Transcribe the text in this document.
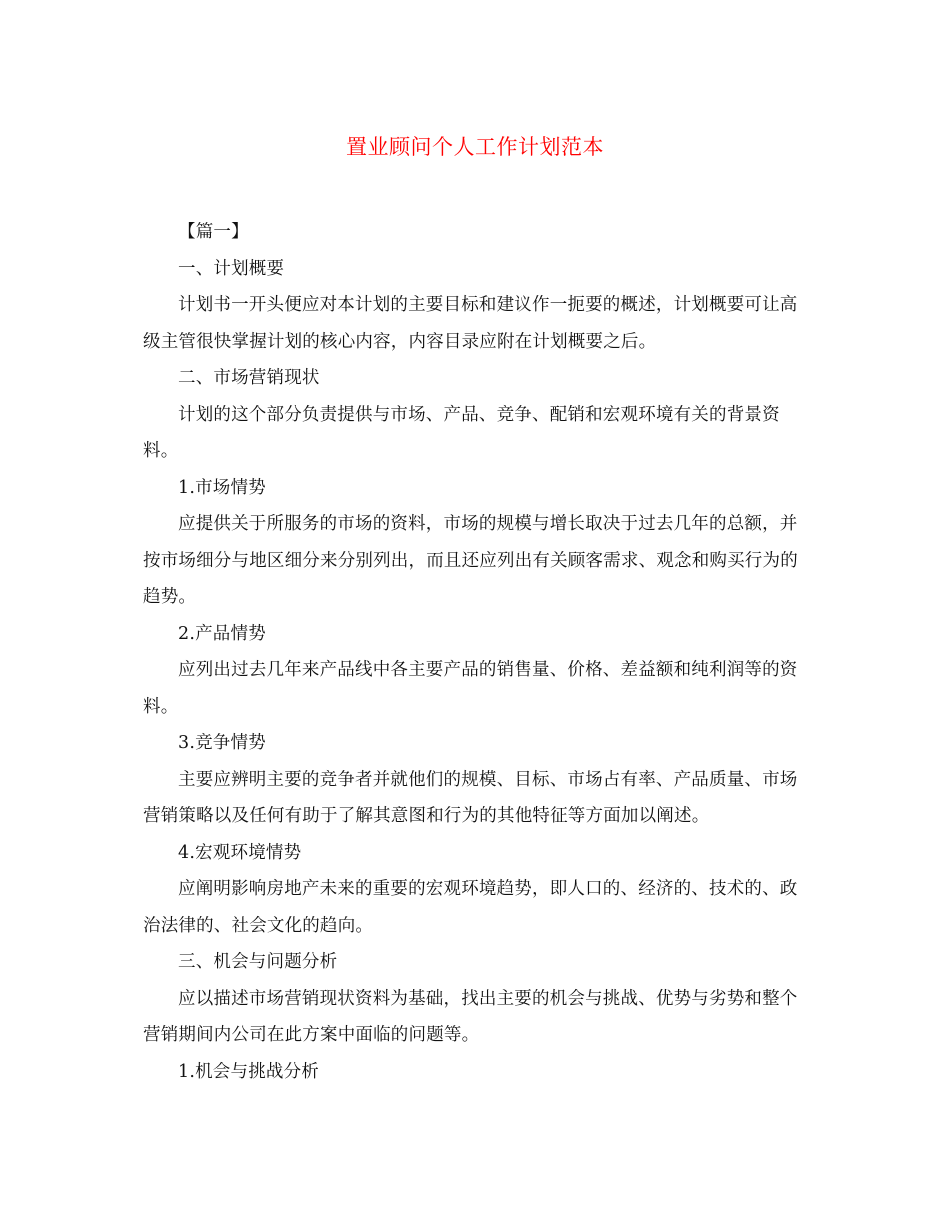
置业顾问个人工作计划范本

【篇一】

一、计划概要

计划书一开头便应对本计划的主要目标和建议作一扼要的概述，计划概要可让高级主管很快掌握计划的核心内容，内容目录应附在计划概要之后。

二、市场营销现状

计划的这个部分负责提供与市场、产品、竞争、配销和宏观环境有关的背景资料。

1.市场情势

应提供关于所服务的市场的资料，市场的规模与增长取决于过去几年的总额，并按市场细分与地区细分来分别列出，而且还应列出有关顾客需求、观念和购买行为的趋势。

2.产品情势

应列出过去几年来产品线中各主要产品的销售量、价格、差益额和纯利润等的资料。

3.竞争情势

主要应辨明主要的竞争者并就他们的规模、目标、市场占有率、产品质量、市场营销策略以及任何有助于了解其意图和行为的其他特征等方面加以阐述。

4.宏观环境情势

应阐明影响房地产未来的重要的宏观环境趋势，即人口的、经济的、技术的、政治法律的、社会文化的趋向。

三、机会与问题分析

应以描述市场营销现状资料为基础，找出主要的机会与挑战、优势与劣势和整个营销期间内公司在此方案中面临的问题等。

1.机会与挑战分析
